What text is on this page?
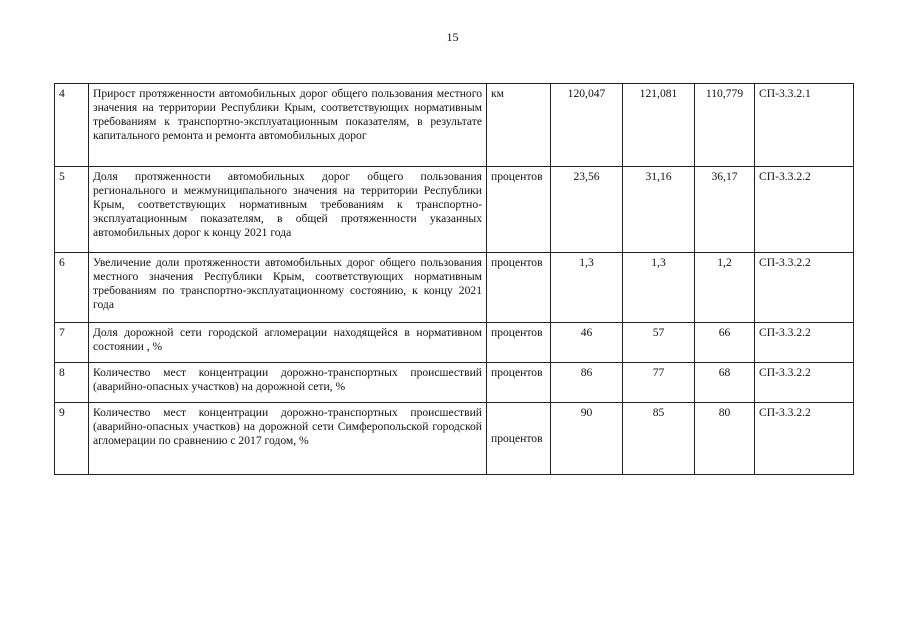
15
4	Прирост протяженности автомобильных дорог общего пользования местного значения на территории Республики Крым, соответствующих нормативным требованиям к транспортно-эксплуатационным показателям, в результате капитального ремонта и ремонта автомобильных дорог	км	120,047	121,081	110,779	СП-3.3.2.1
5	Доля протяженности автомобильных дорог общего пользования регионального и межмуниципального значения на территории Республики Крым, соответствующих нормативным требованиям к транспортно-эксплуатационным показателям, в общей протяженности указанных автомобильных дорог к концу 2021 года	процентов	23,56	31,16	36,17	СП-3.3.2.2
6	Увеличение доли протяженности автомобильных дорог общего пользования местного значения Республики Крым, соответствующих нормативным требованиям по транспортно-эксплуатационному состоянию, к концу 2021 года	процентов	1,3	1,3	1,2	СП-3.3.2.2
7	Доля дорожной сети городской агломерации находящейся в нормативном состоянии , %	процентов	46	57	66	СП-3.3.2.2
8	Количество мест концентрации дорожно-транспортных происшествий (аварийно-опасных участков) на дорожной сети, %	процентов	86	77	68	СП-3.3.2.2
9	Количество мест концентрации дорожно-транспортных происшествий (аварийно-опасных участков) на дорожной сети Симферопольской городской агломерации по сравнению с 2017 годом, %	процентов	90	85	80	СП-3.3.2.2
